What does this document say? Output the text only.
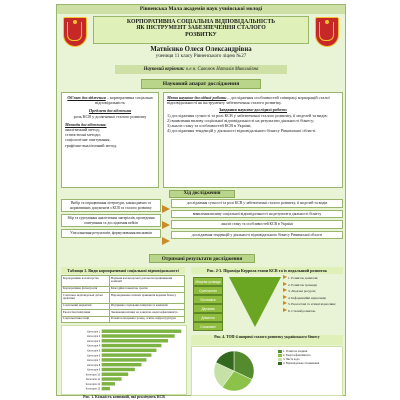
Рівненська Мала академія наук учнівської молоді
КОРПОРАТИВНА СОЦІАЛЬНА ВІДПОВІДАЛЬНІСТЬ
ЯК ІНСТРУМЕНТ ЗАБЕЗПЕЧЕННЯ СТАЛОГО
РОЗВИТКУ
Матвієнко Олеся Олександрівна
учениця 11 класу Рівненського ліцею №27
Науковий керівник: к.е.н. Савєлюк Наталія Миколаївна
Науковий апарат дослідження
Об'єкт дослідження – корпоративна соціальна відповідальність
Предмет дослідження
роль КСВ у досягненні сталого розвитку
Методи дослідження:
аналітичний метод;
статистичні методи;
соціологічне опитування;
графічно-аналітичний метод.
Мета науково-дослідної роботи – дослідження особливостей співпраці корпорацій сталої відповідальності як інструменту забезпечення сталого розвитку.
Завдання науково-дослідної роботи:
1) дослідження сутності та ролі КСВ у забезпеченні сталого розвитку, її моделей та видів;
2) виявлення впливу соціальної відповідальності на результати діяльності бізнесу;
3) аналіз стану та особливостей КСВ в Україні;
4) дослідження тенденцій у діяльності відповідального бізнесу Рівненської області.
Хід дослідження
Вибір та опрацювання літератури, законодавчих та нормативних документів з КСВ та сталого розвитку
Збір та групування аналітичних матеріалів, проведення опитування та дослідження кейсів
Узагальнення результатів, формулювання висновків
дослідження сутності та ролі КСВ у забезпеченні сталого розвитку, її моделей та видів
виявлення впливу соціальної відповідальності на результати діяльності бізнесу
аналіз стану та особливостей КСВ в Україні
дослідження тенденцій у діяльності відповідального бізнесу Рівненської області
Отримані результати дослідження
Таблиця 1. Види корпоративної соціальної відповідальності
Корпоративне волонтерство	Надання волонтерської допомоги працівниками компанії
Корпоративна філантропія	Благодійні пожертви, гранти
Соціально відповідальні ділові практики	Впровадження етичних принципів ведення бізнесу
Соціальний маркетинг	Підтримка соціальних ініціатив та кампаній
Екологічні ініціативи	Зменшення впливу на довкілля, енергоефективність
Соціальні інвестиції	Розвиток місцевих громад, освіти, інфраструктури
Категорія 1
Категорія 2
Категорія 3
Категорія 4
Категорія 5
Категорія 6
Категорія 7
Категорія 8
Категорія 9
Категорія 10
Категорія 11
Категорія 12
Категорія 13
Рис. 1. Кількість компаній, які реалізують КСВ
Рис. 2-3. Піраміда Керрола етапи КСВ та їх подальший розвиток
Місцева громада
Суспільство
Економіка
Держава
Довкілля
Споживачі
1. Розвиток довкілля;
2. Розвиток громади;
3. Людські ресурси;
4. Інформаційні відносини;
5. Екологічні та етичні відносини;
6. Сталий розвиток.
Рис. 4. ТОП-4 напрямі сталого розвитку українського бізнесу
1. Розвиток людини
2. Енергоефективність
3. Чиста вода
4. Відповідальне споживання
